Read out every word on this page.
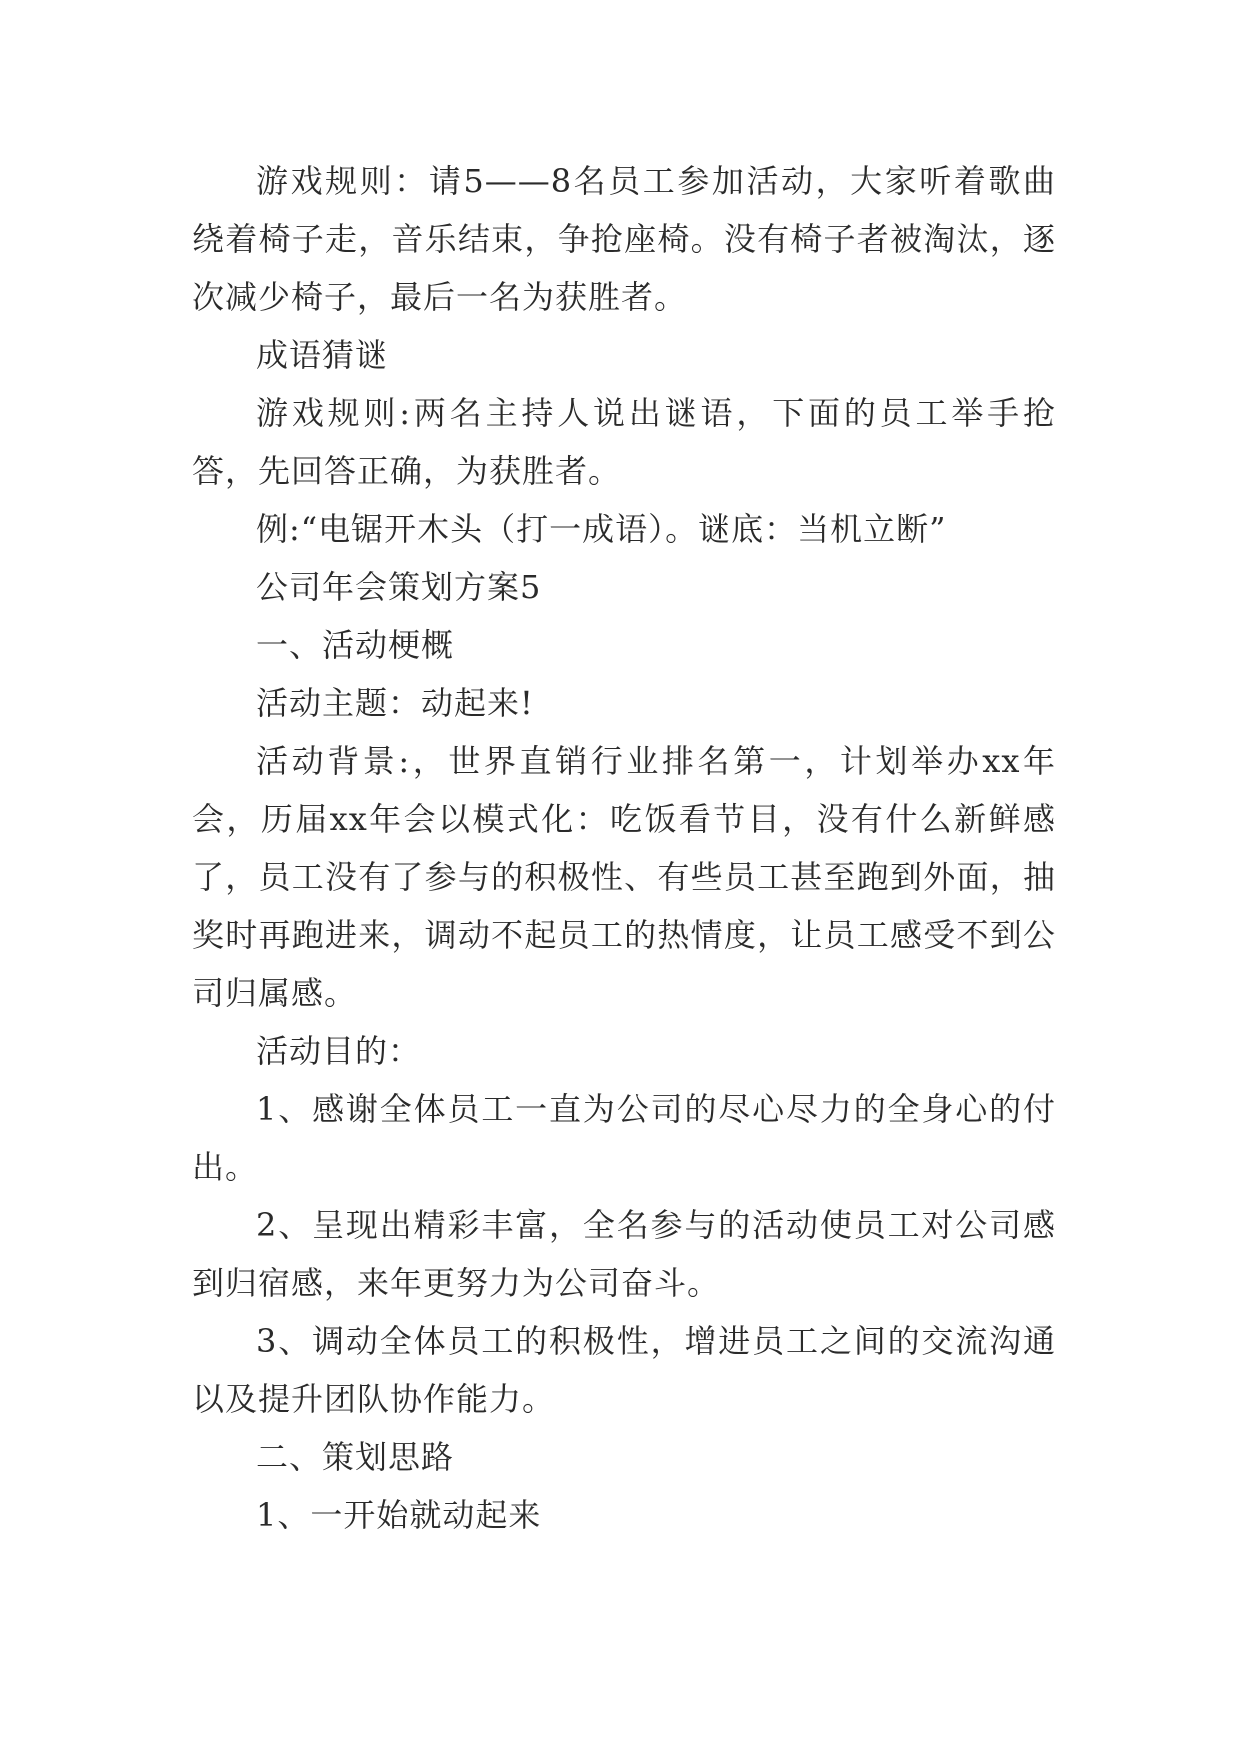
游戏规则：请5——8名员工参加活动，大家听着歌曲绕着椅子走，音乐结束，争抢座椅。没有椅子者被淘汰，逐次减少椅子，最后一名为获胜者。

成语猜谜

游戏规则:两名主持人说出谜语，下面的员工举手抢答，先回答正确，为获胜者。

例:“电锯开木头（打一成语）。谜底：当机立断”

公司年会策划方案5

一、活动梗概

活动主题：动起来!

活动背景:，世界直销行业排名第一，计划举办xx年会，历届xx年会以模式化：吃饭看节目，没有什么新鲜感了，员工没有了参与的积极性、有些员工甚至跑到外面，抽奖时再跑进来，调动不起员工的热情度，让员工感受不到公司归属感。

活动目的：

1、感谢全体员工一直为公司的尽心尽力的全身心的付出。

2、呈现出精彩丰富，全名参与的活动使员工对公司感到归宿感，来年更努力为公司奋斗。

3、调动全体员工的积极性，增进员工之间的交流沟通以及提升团队协作能力。

二、策划思路

1、一开始就动起来
